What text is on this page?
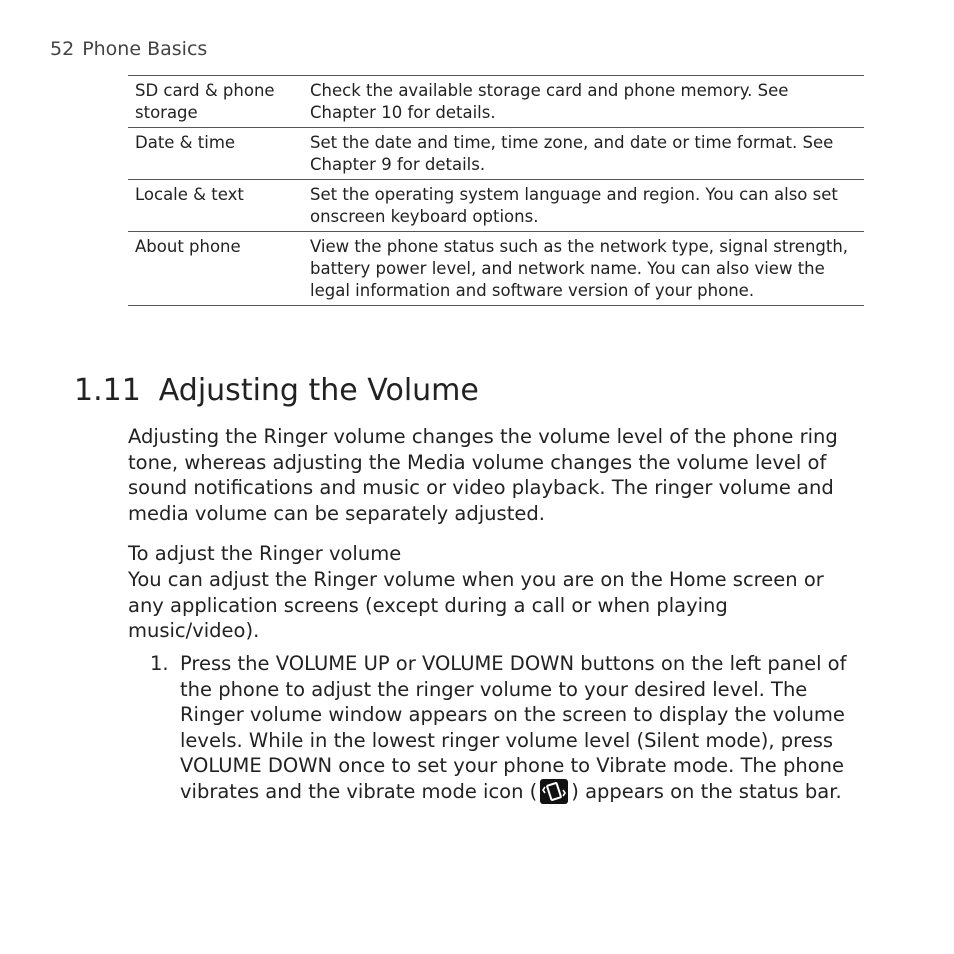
52 Phone Basics
SD card & phone storage	Check the available storage card and phone memory. See Chapter 10 for details.
Date & time	Set the date and time, time zone, and date or time format. See Chapter 9 for details.
Locale & text	Set the operating system language and region. You can also set onscreen keyboard options.
About phone	View the phone status such as the network type, signal strength, battery power level, and network name. You can also view the legal information and software version of your phone.
1.11 Adjusting the Volume

Adjusting the Ringer volume changes the volume level of the phone ring tone, whereas adjusting the Media volume changes the volume level of sound notifications and music or video playback. The ringer volume and media volume can be separately adjusted.

To adjust the Ringer volume

You can adjust the Ringer volume when you are on the Home screen or any application screens (except during a call or when playing music/video).

1. Press the VOLUME UP or VOLUME DOWN buttons on the left panel of the phone to adjust the ringer volume to your desired level. The Ringer volume window appears on the screen to display the volume levels. While in the lowest ringer volume level (Silent mode), press VOLUME DOWN once to set your phone to Vibrate mode. The phone vibrates and the vibrate mode icon ( ) appears on the status bar.
